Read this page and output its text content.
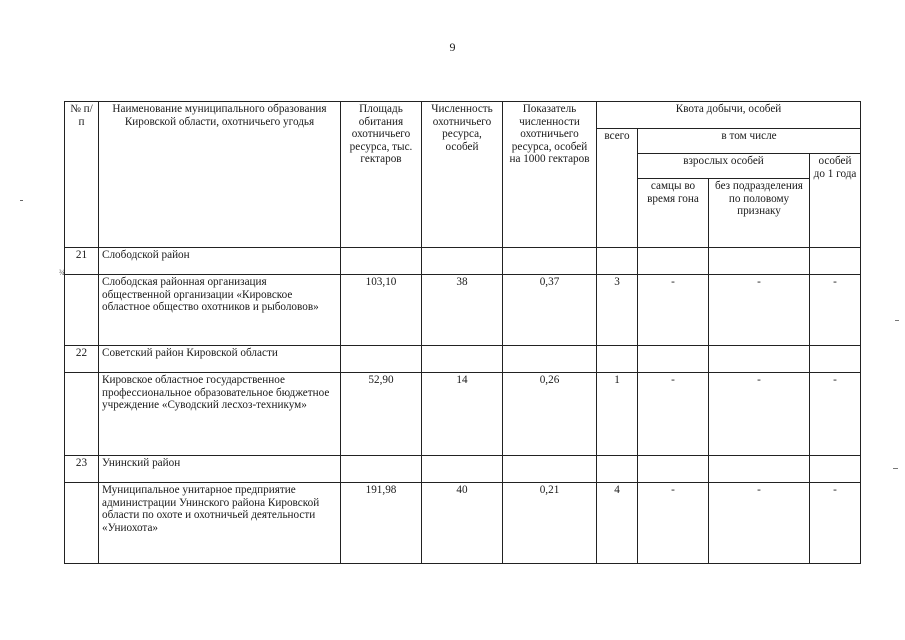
9
¾
№ п/п	Наименование муниципального образования Кировской области, охотничьего угодья	Площадь обитания охотничьего ресурса, тыс. гектаров	Численность охотничьего ресурса, особей	Показатель численности охотничьего ресурса, особей на 1000 гектаров	Квота добычи, особей			
					всего	в том числе		
						взрослых особей		особей до 1 года
						самцы во время гона	без подразделения по половому признаку	
21	Слободской район							
	Слободская районная организация общественной организации «Кировское областное общество охотников и рыболовов»	103,10	38	0,37	3	-	-	-
22	Советский район Кировской области							
	Кировское областное государственное профессиональное образовательное бюджетное учреждение «Суводский лесхоз-техникум»	52,90	14	0,26	1	-	-	-
23	Унинский район							
	Муниципальное унитарное предприятие администрации Унинского района Кировской области по охоте и охотничьей деятельности «Униохота»	191,98	40	0,21	4	-	-	-
